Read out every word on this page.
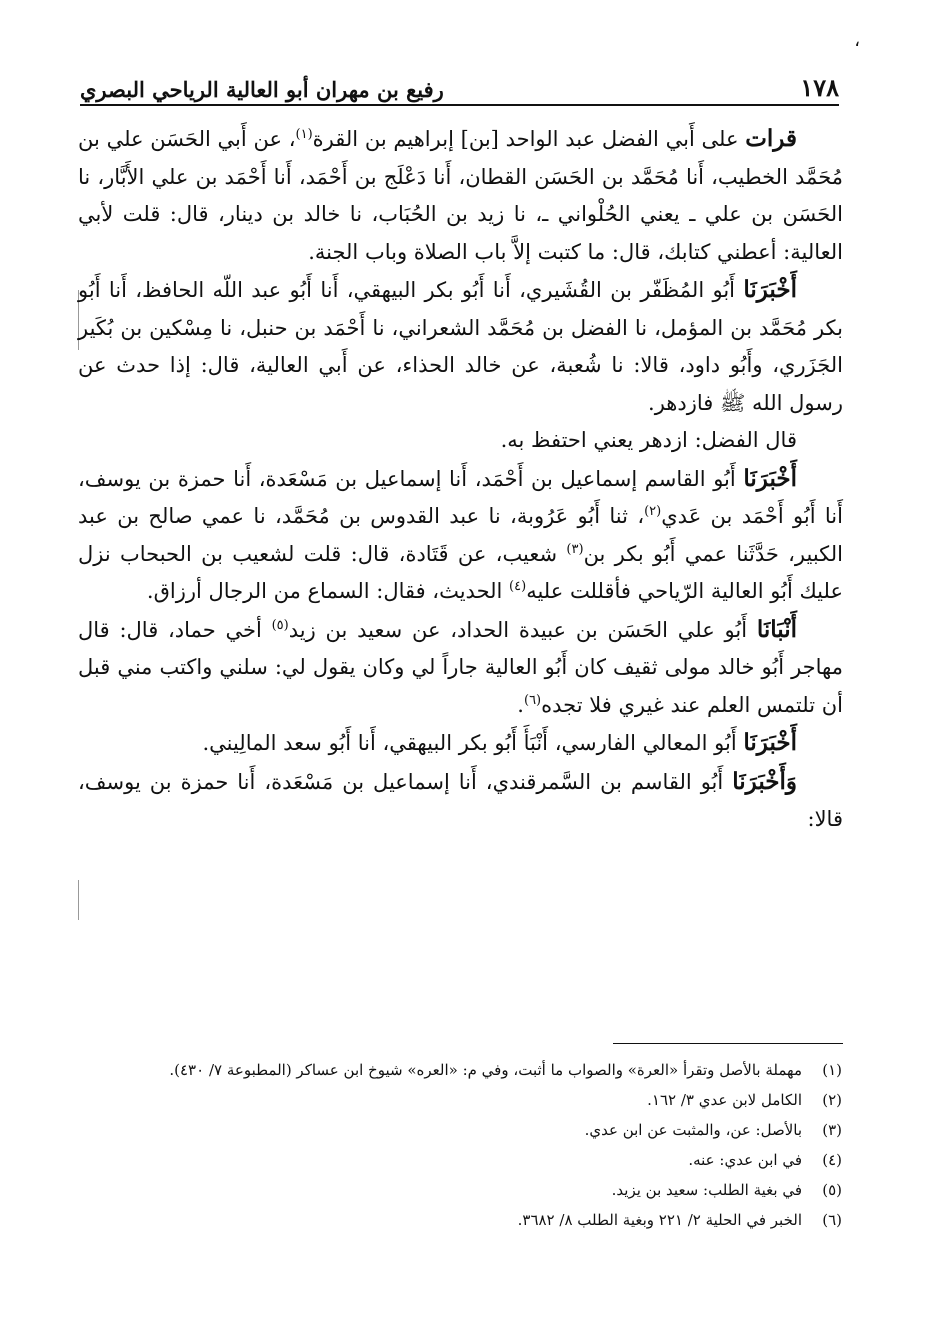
،
١٧٨
رفيع بن مهران أبو العالية الرياحي البصري

قرات على أَبي الفضل عبد الواحد [بن] إبراهيم بن القرة$^{(١)}$، عن أَبي الحَسَن علي بن مُحَمَّد الخطيب، أَنا مُحَمَّد بن الحَسَن القطان، أَنا دَعْلَج بن أَحْمَد، أَنا أَحْمَد بن علي الأَبَّار، نا الحَسَن بن علي ـ يعني الحُلْواني ـ، نا زيد بن الحُبَاب، نا خالد بن دينار، قال: قلت لأبي العالية: أعطني كتابك، قال: ما كتبت إلاَّ باب الصلاة وباب الجنة.

أَخْبَرَنَا أَبُو المُظَفّر بن القُشَيري، أَنا أَبُو بكر البيهقي، أَنا أَبُو عبد اللّه الحافظ، أَنا أَبُو بكر مُحَمَّد بن المؤمل، نا الفضل بن مُحَمَّد الشعراني، نا أَحْمَد بن حنبل، نا مِسْكين بن بُكَير الجَزَري، وأَبُو داود، قالا: نا شُعبة، عن خالد الحذاء، عن أَبي العالية، قال: إذا حدث عن رسول الله ﷺ فازدهر.

قال الفضل: ازدهر يعني احتفظ به.

أَخْبَرَنَا أَبُو القاسم إسماعيل بن أَحْمَد، أَنا إسماعيل بن مَسْعَدة، أَنا حمزة بن يوسف، أَنا أَبُو أَحْمَد بن عَدي$^{(٢)}$، ثنا أَبُو عَرُوبة، نا عبد القدوس بن مُحَمَّد، نا عمي صالح بن عبد الكبير، حَدَّثَنا عمي أَبُو بكر بن$^{(٣)}$ شعيب، عن قَتَادة، قال: قلت لشعيب بن الحبحاب نزل عليك أَبُو العالية الرّياحي فأقللت عليه$^{(٤)}$ الحديث، فقال: السماع من الرجال أرزاق.

أَنْبَانَا أَبُو علي الحَسَن بن عبيدة الحداد، عن سعيد بن زيد$^{(٥)}$ أخي حماد، قال: قال مهاجر أَبُو خالد مولى ثقيف كان أَبُو العالية جاراً لي وكان يقول لي: سلني واكتب مني قبل أن تلتمس العلم عند غيري فلا تجده$^{(٦)}$.

أَخْبَرَنَا أَبُو المعالي الفارسي، أَنْبَأَ أَبُو بكر البيهقي، أَنا أَبُو سعد المالِيني.

وَأَخْبَرَنَا أَبُو القاسم بن السَّمرقندي، أَنا إسماعيل بن مَسْعَدة، أَنا حمزة بن يوسف، قالا:

(١)
مهملة بالأصل وتقرأ «العرة» والصواب ما أثبت، وفي م: «العره» شيوخ ابن عساكر (المطبوعة ٧/ ٤٣٠).
(٢)
الكامل لابن عدي ٣/ ١٦٢.
(٣)
بالأصل: عن، والمثبت عن ابن عدي.
(٤)
في ابن عدي: عنه.
(٥)
في بغية الطلب: سعيد بن يزيد.
(٦)
الخبر في الحلية ٢/ ٢٢١ وبغية الطلب ٨/ ٣٦٨٢.
